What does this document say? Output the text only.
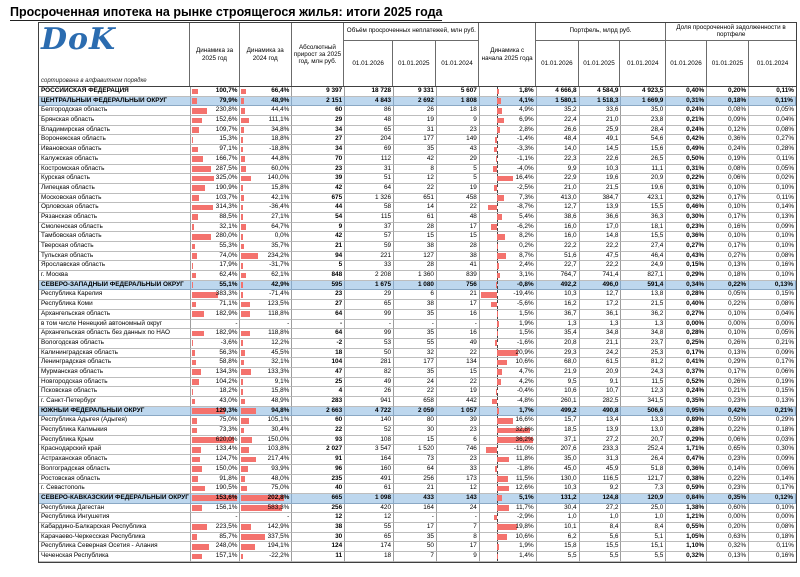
Просроченная ипотека на рынке строящегося жилья: итоги 2025 года
DoK
сортирована в алфавитном порядке
Динамика за 2025 год
Динамика за 2024 год
Абсолютный прирост за 2025 год, млн руб.
Объём просроченных неплатежей, млн руб.
01.01.2026	01.01.2025	01.01.2024
Динамика с начала 2025 года
Портфель, млрд руб.
01.01.2026	01.01.2025	01.01.2024
Доля просроченной задолженности в портфеле
01.01.2026	01.01.2025	01.01.2024
РОССИЙСКАЯ ФЕДЕРАЦИЯ	100,7%	66,4%	9 397	18 728	9 331	5 607	1,8%	4 666,8	4 584,9	4 923,5	0,40%	0,20%	0,11%
ЦЕНТРАЛЬНЫЙ ФЕДЕРАЛЬНЫЙ ОКРУГ	79,9%	48,9%	2 151	4 843	2 692	1 808	4,1%	1 580,1	1 518,3	1 669,9	0,31%	0,18%	0,11%
Белгородская область	230,8%	44,4%	60	86	26	18	4,9%	35,2	33,6	35,0	0,24%	0,08%	0,05%
Брянская область	152,6%	111,1%	29	48	19	9	6,9%	22,4	21,0	23,8	0,21%	0,09%	0,04%
Владимирская область	109,7%	34,8%	34	65	31	23	2,8%	26,6	25,9	28,4	0,24%	0,12%	0,08%
Воронежская область	15,3%	18,8%	27	204	177	149	-1,4%	48,4	49,1	54,6	0,42%	0,36%	0,27%
Ивановская область	97,1%	-18,8%	34	69	35	43	-3,3%	14,0	14,5	15,6	0,49%	0,24%	0,28%
Калужская область	166,7%	44,8%	70	112	42	29	-1,1%	22,3	22,6	26,5	0,50%	0,19%	0,11%
Костромская область	287,5%	60,0%	23	31	8	5	-4,0%	9,9	10,3	11,1	0,31%	0,08%	0,05%
Курская область	325,0%	140,0%	39	51	12	5	16,4%	22,9	19,6	20,9	0,22%	0,06%	0,02%
Липецкая область	190,9%	15,8%	42	64	22	19	-2,5%	21,0	21,5	19,6	0,31%	0,10%	0,10%
Московская область	103,7%	42,1%	675	1 326	651	458	7,3%	413,0	384,7	423,1	0,32%	0,17%	0,11%
Орловская область	314,3%	-36,4%	44	58	14	22	-8,7%	12,7	13,9	15,5	0,46%	0,10%	0,14%
Рязанская область	88,5%	27,1%	54	115	61	48	5,4%	38,6	36,6	36,3	0,30%	0,17%	0,13%
Смоленская область	32,1%	64,7%	9	37	28	17	-6,2%	16,0	17,0	18,1	0,23%	0,16%	0,09%
Тамбовская область	280,0%	0,0%	42	57	15	15	8,2%	16,0	14,8	15,5	0,36%	0,10%	0,10%
Тверская область	55,3%	35,7%	21	59	38	28	0,2%	22,2	22,2	27,4	0,27%	0,17%	0,10%
Тульская область	74,0%	234,2%	94	221	127	38	8,7%	51,6	47,5	46,4	0,43%	0,27%	0,08%
Ярославская область	17,9%	-31,7%	5	33	28	41	2,4%	22,7	22,2	24,9	0,15%	0,13%	0,16%
г. Москва	62,4%	62,1%	848	2 208	1 360	839	3,1%	764,7	741,4	827,1	0,29%	0,18%	0,10%
СЕВЕРО-ЗАПАДНЫЙ ФЕДЕРАЛЬНЫЙ ОКРУГ	55,1%	42,9%	595	1 675	1 080	756	-0,8%	492,2	496,0	591,4	0,34%	0,22%	0,13%
Республика Карелия	383,3%	-71,4%	23	29	6	21	-19,4%	10,3	12,7	13,8	0,28%	0,05%	0,15%
Республика Коми	71,1%	123,5%	27	65	38	17	-5,6%	16,2	17,2	21,5	0,40%	0,22%	0,08%
Архангельская область	182,9%	118,8%	64	99	35	16	1,5%	36,7	36,1	36,2	0,27%	0,10%	0,04%
в том числе Ненецкий автономный округ	-	-	-	-	-	-	1,9%	1,3	1,3	1,3	0,00%	0,00%	0,00%
Архангельская область без данных по НАО	182,9%	118,8%	64	99	35	16	1,5%	35,4	34,8	34,8	0,28%	0,10%	0,05%
Вологодская область	-3,6%	12,2%	-2	53	55	49	-1,6%	20,8	21,1	23,7	0,25%	0,26%	0,21%
Калининградская область	56,3%	45,5%	18	50	32	22	20,9%	29,3	24,2	25,3	0,17%	0,13%	0,09%
Ленинградская область	58,8%	32,1%	104	281	177	134	10,6%	68,0	61,5	81,2	0,41%	0,29%	0,17%
Мурманская область	134,3%	133,3%	47	82	35	15	4,7%	21,9	20,9	24,3	0,37%	0,17%	0,06%
Новгородская область	104,2%	9,1%	25	49	24	22	4,2%	9,5	9,1	11,5	0,52%	0,26%	0,19%
Псковская область	18,2%	15,8%	4	26	22	19	-0,4%	10,6	10,7	12,3	0,24%	0,21%	0,15%
г. Санкт-Петербург	43,0%	48,9%	283	941	658	442	-4,8%	260,1	282,5	341,5	0,35%	0,23%	0,13%
ЮЖНЫЙ ФЕДЕРАЛЬНЫЙ ОКРУГ	129,3%	94,8%	2 663	4 722	2 059	1 057	1,7%	499,2	490,8	506,6	0,95%	0,42%	0,21%
Республика Адыгея (Адыгея)	75,0%	105,1%	60	140	80	39	16,6%	15,7	13,4	13,3	0,89%	0,59%	0,29%
Республика Калмыкия	73,3%	30,4%	22	52	30	23	32,8%	18,5	13,9	13,0	0,28%	0,22%	0,18%
Республика Крым	620,0%	150,0%	93	108	15	6	36,2%	37,1	27,2	20,7	0,29%	0,06%	0,03%
Краснодарский край	133,4%	103,8%	2 027	3 547	1 520	746	-11,0%	207,6	233,3	252,4	1,71%	0,65%	0,30%
Астраханская область	124,7%	217,4%	91	164	73	23	11,8%	35,0	31,3	26,4	0,47%	0,23%	0,09%
Волгоградская область	150,0%	93,9%	96	160	64	33	-1,8%	45,0	45,9	51,8	0,36%	0,14%	0,06%
Ростовская область	91,8%	48,0%	235	491	256	173	11,5%	130,0	116,5	121,7	0,38%	0,22%	0,14%
г. Севастополь	190,5%	75,0%	40	61	21	12	12,6%	10,3	9,2	7,3	0,59%	0,23%	0,17%
СЕВЕРО-КАВКАЗСКИЙ ФЕДЕРАЛЬНЫЙ ОКРУГ	153,6%	202,8%	665	1 098	433	143	5,1%	131,2	124,8	120,9	0,84%	0,35%	0,12%
Республика Дагестан	156,1%	583,3%	256	420	164	24	11,7%	30,4	27,2	25,0	1,38%	0,60%	0,10%
Республика Ингушетия	-	-	12	12	-	-	-2,9%	1,0	1,0	1,0	1,21%	0,00%	0,00%
Кабардино-Балкарская Республика	223,5%	142,9%	38	55	17	7	19,8%	10,1	8,4	8,4	0,55%	0,20%	0,08%
Карачаево-Черкесская Республика	85,7%	337,5%	30	65	35	8	10,6%	6,2	5,6	5,1	1,05%	0,63%	0,18%
Республика Северная Осетия - Алания	248,0%	194,1%	124	174	50	17	1,9%	15,8	15,5	15,1	1,10%	0,32%	0,11%
Чеченская Республика	157,1%	-22,2%	11	18	7	9	1,4%	5,5	5,5	5,5	0,32%	0,13%	0,16%
